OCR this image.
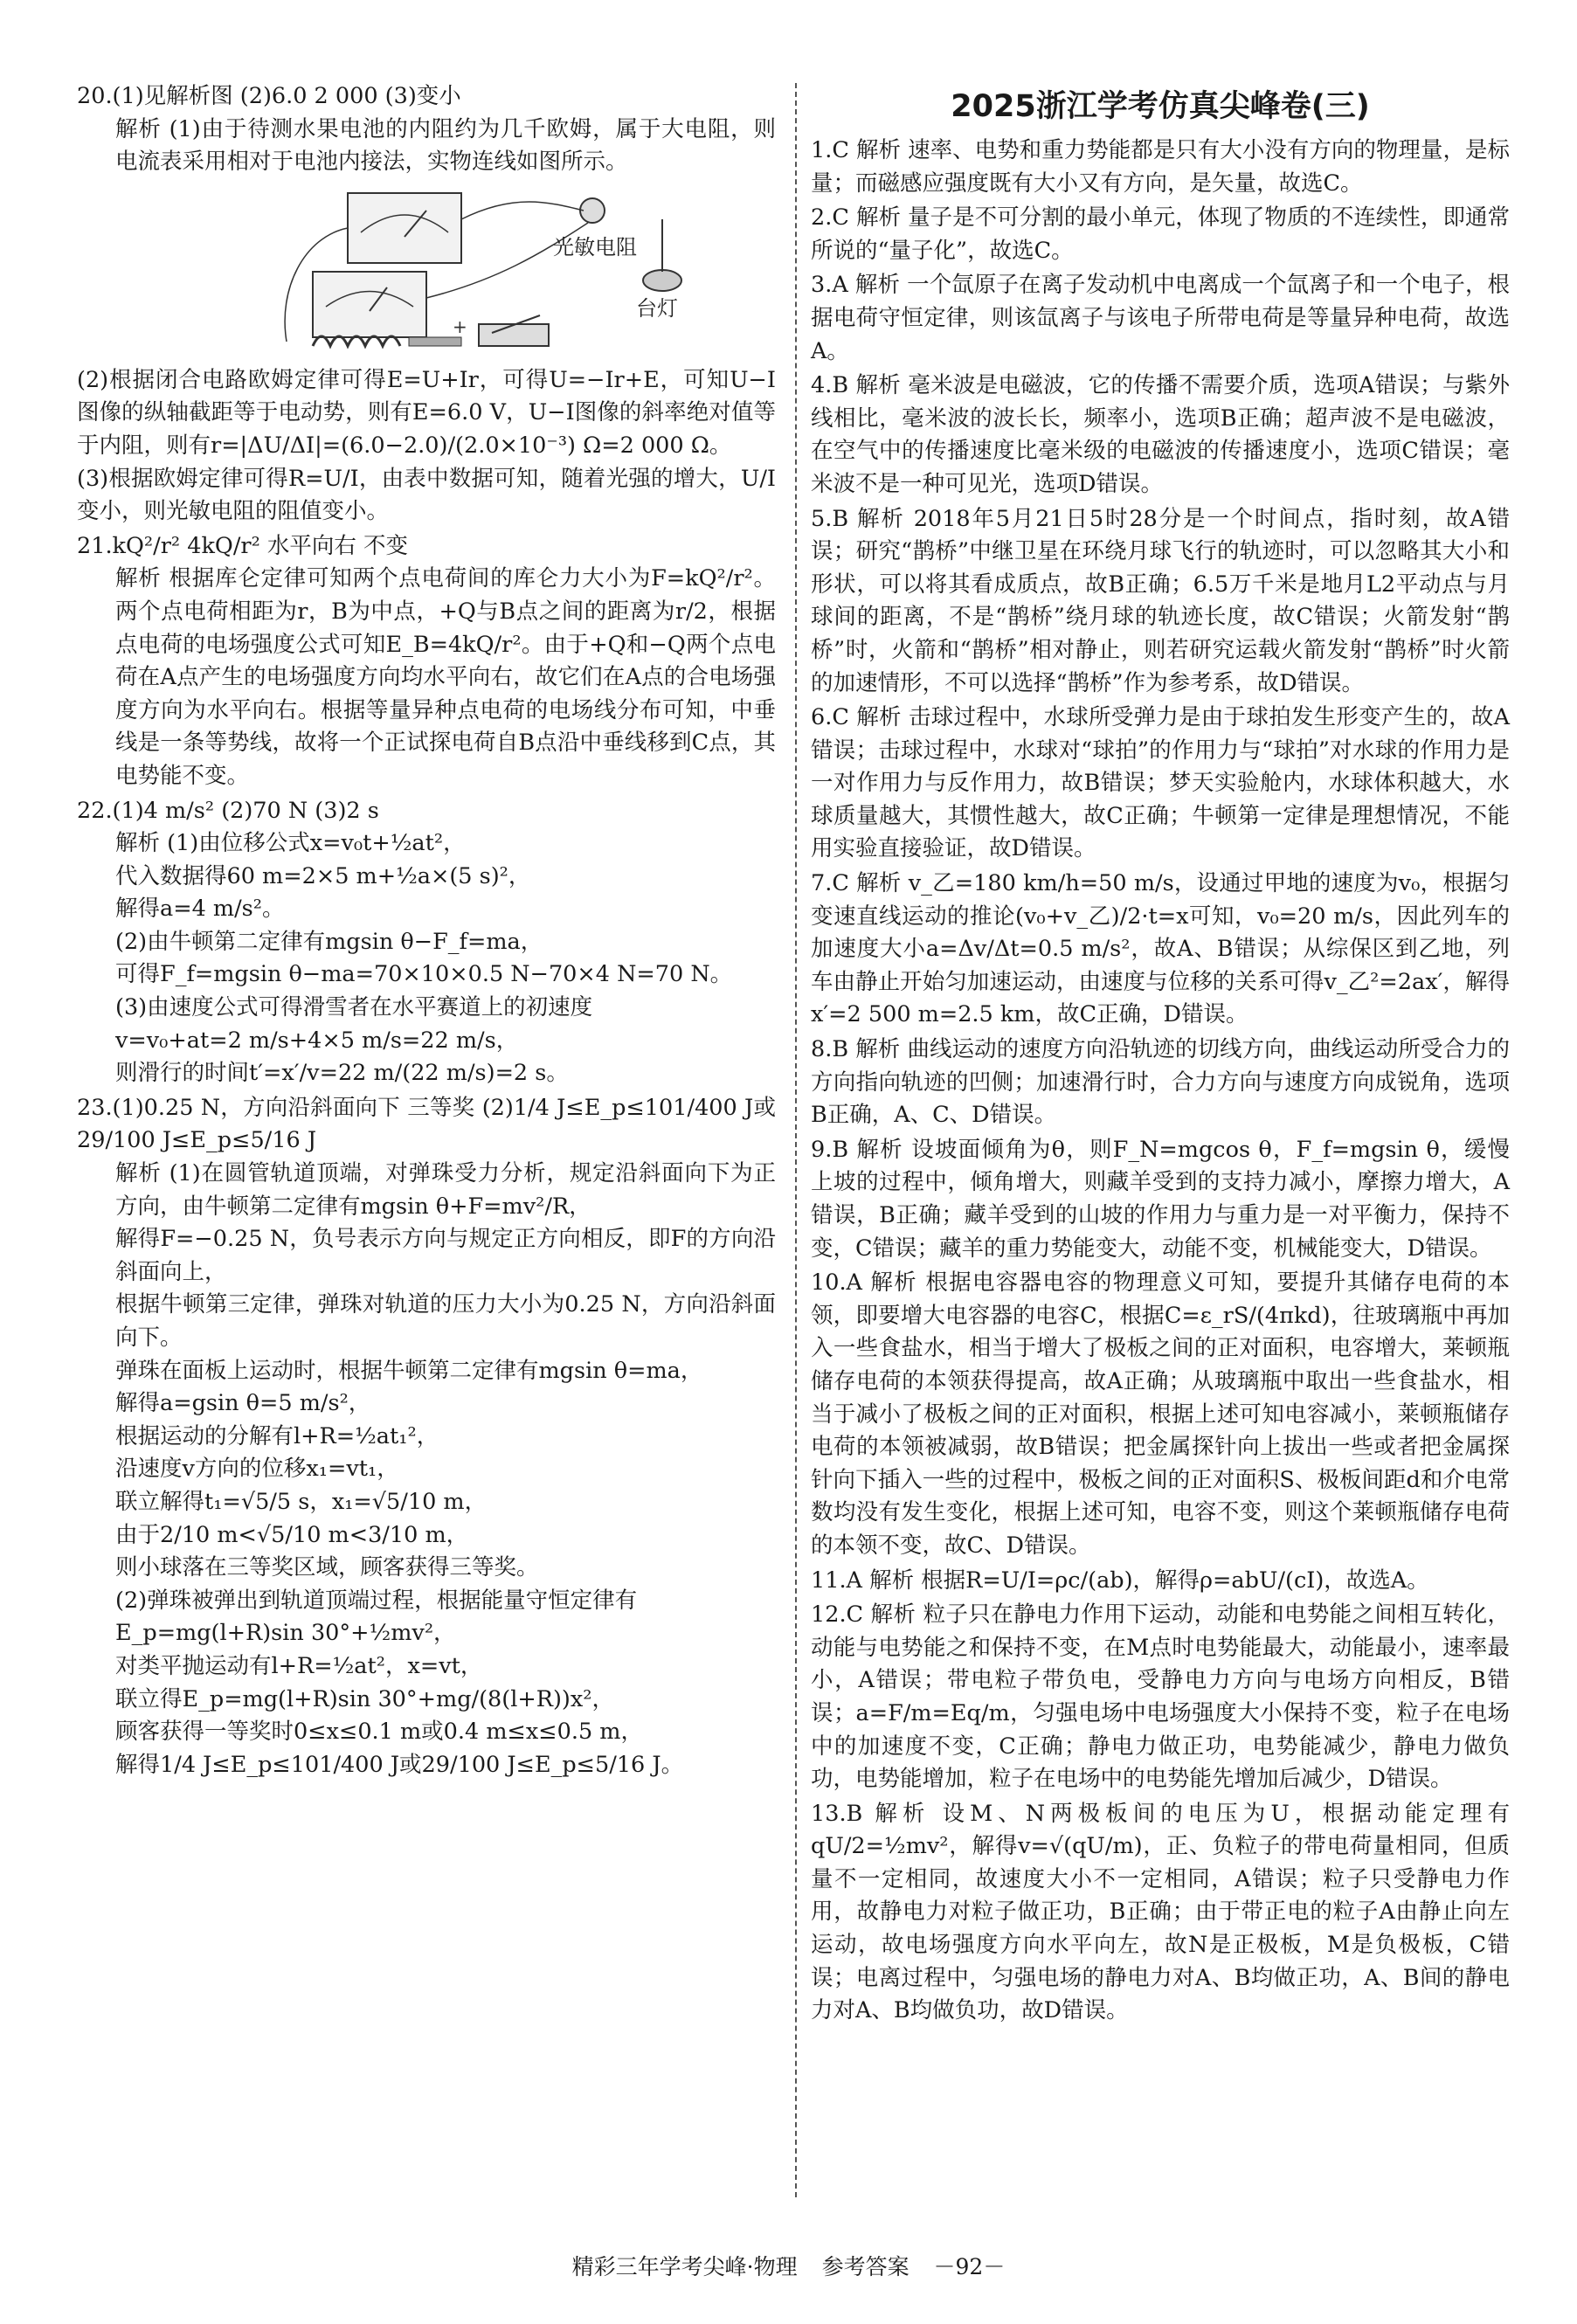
20.(1)见解析图 (2)6.0 2 000 (3)变小
解析 (1)由于待测水果电池的内阻约为几千欧姆，属于大电阻，则电流表采用相对于电池内接法，实物连线如图所示。
+
光敏电阻
台灯
(2)根据闭合电路欧姆定律可得E=U+Ir，可得U=−Ir+E，可知U−I图像的纵轴截距等于电动势，则有E=6.0 V，U−I图像的斜率绝对值等于内阻，则有r=|ΔU/ΔI|=(6.0−2.0)/(2.0×10⁻³) Ω=2 000 Ω。
(3)根据欧姆定律可得R=U/I，由表中数据可知，随着光强的增大，U/I变小，则光敏电阻的阻值变小。
21.kQ²/r² 4kQ/r² 水平向右 不变
解析 根据库仑定律可知两个点电荷间的库仑力大小为F=kQ²/r²。两个点电荷相距为r，B为中点，+Q与B点之间的距离为r/2，根据点电荷的电场强度公式可知E_B=4kQ/r²。由于+Q和−Q两个点电荷在A点产生的电场强度方向均水平向右，故它们在A点的合电场强度方向为水平向右。根据等量异种点电荷的电场线分布可知，中垂线是一条等势线，故将一个正试探电荷自B点沿中垂线移到C点，其电势能不变。
22.(1)4 m/s² (2)70 N (3)2 s
解析 (1)由位移公式x=v₀t+½at²，
代入数据得60 m=2×5 m+½a×(5 s)²，
解得a=4 m/s²。
(2)由牛顿第二定律有mgsin θ−F_f=ma，
可得F_f=mgsin θ−ma=70×10×0.5 N−70×4 N=70 N。
(3)由速度公式可得滑雪者在水平赛道上的初速度
v=v₀+at=2 m/s+4×5 m/s=22 m/s，
则滑行的时间t′=x′/v=22 m/(22 m/s)=2 s。
23.(1)0.25 N，方向沿斜面向下 三等奖 (2)1/4 J≤E_p≤101/400 J或29/100 J≤E_p≤5/16 J
解析 (1)在圆管轨道顶端，对弹珠受力分析，规定沿斜面向下为正方向，由牛顿第二定律有mgsin θ+F=mv²/R，
解得F=−0.25 N，负号表示方向与规定正方向相反，即F的方向沿斜面向上，
根据牛顿第三定律，弹珠对轨道的压力大小为0.25 N，方向沿斜面向下。
弹珠在面板上运动时，根据牛顿第二定律有mgsin θ=ma，
解得a=gsin θ=5 m/s²，
根据运动的分解有l+R=½at₁²，
沿速度v方向的位移x₁=vt₁，
联立解得t₁=√5/5 s，x₁=√5/10 m，
由于2/10 m<√5/10 m<3/10 m，
则小球落在三等奖区域，顾客获得三等奖。
(2)弹珠被弹出到轨道顶端过程，根据能量守恒定律有
E_p=mg(l+R)sin 30°+½mv²，
对类平抛运动有l+R=½at²，x=vt，
联立得E_p=mg(l+R)sin 30°+mg/(8(l+R))x²，
顾客获得一等奖时0≤x≤0.1 m或0.4 m≤x≤0.5 m，
解得1/4 J≤E_p≤101/400 J或29/100 J≤E_p≤5/16 J。
2025浙江学考仿真尖峰卷(三)
1.C 解析 速率、电势和重力势能都是只有大小没有方向的物理量，是标量；而磁感应强度既有大小又有方向，是矢量，故选C。
2.C 解析 量子是不可分割的最小单元，体现了物质的不连续性，即通常所说的“量子化”，故选C。
3.A 解析 一个氙原子在离子发动机中电离成一个氙离子和一个电子，根据电荷守恒定律，则该氙离子与该电子所带电荷是等量异种电荷，故选A。
4.B 解析 毫米波是电磁波，它的传播不需要介质，选项A错误；与紫外线相比，毫米波的波长长，频率小，选项B正确；超声波不是电磁波，在空气中的传播速度比毫米级的电磁波的传播速度小，选项C错误；毫米波不是一种可见光，选项D错误。
5.B 解析 2018年5月21日5时28分是一个时间点，指时刻，故A错误；研究“鹊桥”中继卫星在环绕月球飞行的轨迹时，可以忽略其大小和形状，可以将其看成质点，故B正确；6.5万千米是地月L2平动点与月球间的距离，不是“鹊桥”绕月球的轨迹长度，故C错误；火箭发射“鹊桥”时，火箭和“鹊桥”相对静止，则若研究运载火箭发射“鹊桥”时火箭的加速情形，不可以选择“鹊桥”作为参考系，故D错误。
6.C 解析 击球过程中，水球所受弹力是由于球拍发生形变产生的，故A错误；击球过程中，水球对“球拍”的作用力与“球拍”对水球的作用力是一对作用力与反作用力，故B错误；梦天实验舱内，水球体积越大，水球质量越大，其惯性越大，故C正确；牛顿第一定律是理想情况，不能用实验直接验证，故D错误。
7.C 解析 v_乙=180 km/h=50 m/s，设通过甲地的速度为v₀，根据匀变速直线运动的推论(v₀+v_乙)/2·t=x可知，v₀=20 m/s，因此列车的加速度大小a=Δv/Δt=0.5 m/s²，故A、B错误；从综保区到乙地，列车由静止开始匀加速运动，由速度与位移的关系可得v_乙²=2ax′，解得x′=2 500 m=2.5 km，故C正确，D错误。
8.B 解析 曲线运动的速度方向沿轨迹的切线方向，曲线运动所受合力的方向指向轨迹的凹侧；加速滑行时，合力方向与速度方向成锐角，选项B正确，A、C、D错误。
9.B 解析 设坡面倾角为θ，则F_N=mgcos θ，F_f=mgsin θ，缓慢上坡的过程中，倾角增大，则藏羊受到的支持力减小，摩擦力增大，A错误，B正确；藏羊受到的山坡的作用力与重力是一对平衡力，保持不变，C错误；藏羊的重力势能变大，动能不变，机械能变大，D错误。
10.A 解析 根据电容器电容的物理意义可知，要提升其储存电荷的本领，即要增大电容器的电容C，根据C=ε_rS/(4πkd)，往玻璃瓶中再加入一些食盐水，相当于增大了极板之间的正对面积，电容增大，莱顿瓶储存电荷的本领获得提高，故A正确；从玻璃瓶中取出一些食盐水，相当于减小了极板之间的正对面积，根据上述可知电容减小，莱顿瓶储存电荷的本领被减弱，故B错误；把金属探针向上拔出一些或者把金属探针向下插入一些的过程中，极板之间的正对面积S、极板间距d和介电常数均没有发生变化，根据上述可知，电容不变，则这个莱顿瓶储存电荷的本领不变，故C、D错误。
11.A 解析 根据R=U/I=ρc/(ab)，解得ρ=abU/(cI)，故选A。
12.C 解析 粒子只在静电力作用下运动，动能和电势能之间相互转化，动能与电势能之和保持不变，在M点时电势能最大，动能最小，速率最小，A错误；带电粒子带负电，受静电力方向与电场方向相反，B错误；a=F/m=Eq/m，匀强电场中电场强度大小保持不变，粒子在电场中的加速度不变，C正确；静电力做正功，电势能减少，静电力做负功，电势能增加，粒子在电场中的电势能先增加后减少，D错误。
13.B 解析 设M、N两极板间的电压为U，根据动能定理有qU/2=½mv²，解得v=√(qU/m)，正、负粒子的带电荷量相同，但质量不一定相同，故速度大小不一定相同，A错误；粒子只受静电力作用，故静电力对粒子做正功，B正确；由于带正电的粒子A由静止向左运动，故电场强度方向水平向左，故N是正极板，M是负极板，C错误；电离过程中，匀强电场的静电力对A、B均做正功，A、B间的静电力对A、B均做负功，故D错误。
精彩三年学考尖峰·物理 参考答案 －92－
